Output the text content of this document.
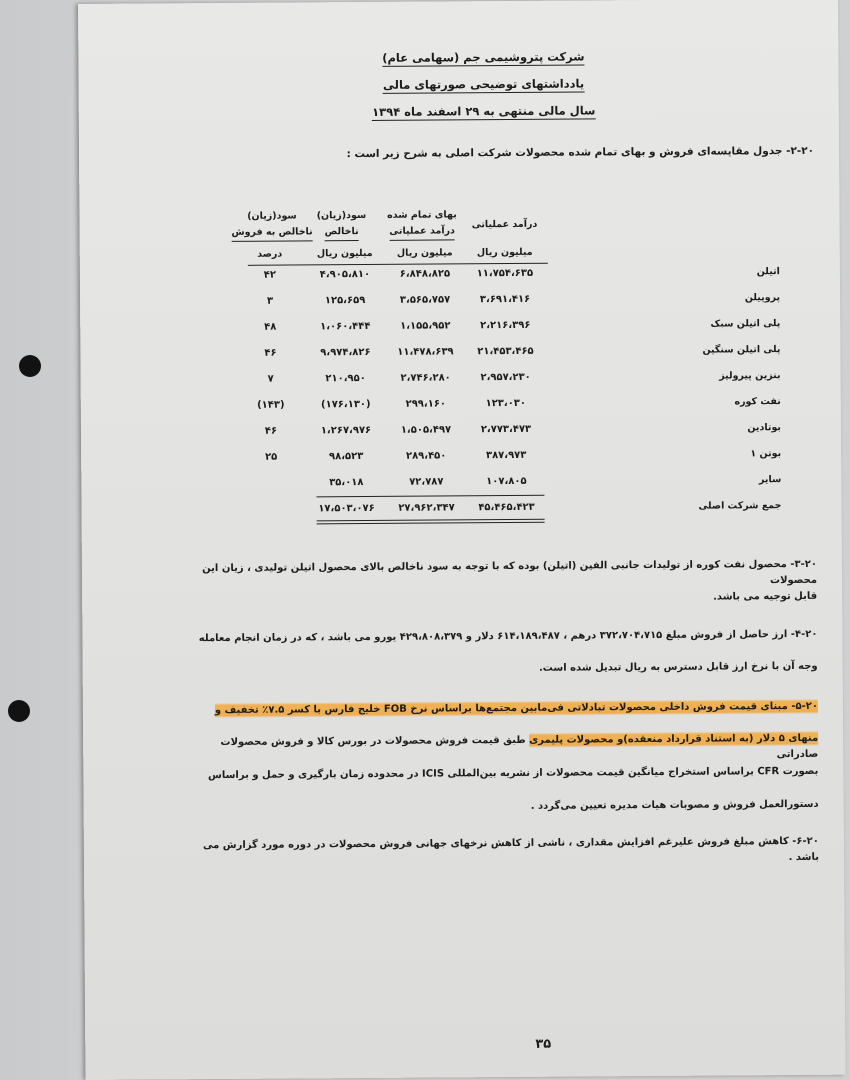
شرکت پتروشیمی جم (سهامی عام)
یادداشتهای توضیحی صورتهای مالی
سال مالی منتهی به ۲۹ اسفند ماه ۱۳۹۴
۲-۲۰- جدول مقایسه‌ای فروش و بهای تمام شده محصولات شرکت اصلی به شرح زیر است :
درآمد عملیاتی
بهای تمام شده
درآمد عملیاتی
سود(زیان)
ناخالص
سود(زیان)
ناخالص به فروش
میلیون ریال
میلیون ریال
میلیون ریال
درصد
اتیلن
۱۱،۷۵۴،۶۳۵
۶،۸۴۸،۸۲۵
۴،۹۰۵،۸۱۰
۴۲
پروپیلن
۳،۶۹۱،۴۱۶
۳،۵۶۵،۷۵۷
۱۲۵،۶۵۹
۳
پلی اتیلن سبک
۲،۲۱۶،۳۹۶
۱،۱۵۵،۹۵۲
۱،۰۶۰،۴۴۴
۴۸
پلی اتیلن سنگین
۲۱،۴۵۳،۴۶۵
۱۱،۴۷۸،۶۳۹
۹،۹۷۴،۸۲۶
۴۶
بنزین پیرولیز
۲،۹۵۷،۲۳۰
۲،۷۴۶،۲۸۰
۲۱۰،۹۵۰
۷
نفت کوره
۱۲۳،۰۳۰
۲۹۹،۱۶۰
(۱۷۶،۱۳۰)
(۱۴۳)
بوتادین
۲،۷۷۳،۴۷۳
۱،۵۰۵،۴۹۷
۱،۲۶۷،۹۷۶
۴۶
بوتن ۱
۳۸۷،۹۷۳
۲۸۹،۴۵۰
۹۸،۵۲۳
۲۵
سایر
۱۰۷،۸۰۵
۷۲،۷۸۷
۳۵،۰۱۸
جمع شرکت اصلی
۴۵،۴۶۵،۴۲۳
۲۷،۹۶۲،۳۴۷
۱۷،۵۰۳،۰۷۶
۳-۲۰- محصول نفت کوره از تولیدات جانبی الفین (اتیلن) بوده که با توجه به سود ناخالص بالای محصول اتیلن تولیدی ، زیان این محصولات
قابل توجیه می باشد.
۴-۲۰- ارز حاصل از فروش مبلغ ۳۷۲،۷۰۴،۷۱۵ درهم ، ۶۱۴،۱۸۹،۴۸۷ دلار و ۴۲۹،۸۰۸،۳۷۹ یورو می باشد ، که در زمان انجام معامله
وجه آن با نرخ ارز قابل دسترس به ریال تبدیل شده است.
۵-۲۰- مبنای قیمت فروش داخلی محصولات تبادلاتی فی‌مابین مجتمع‌ها براساس نرخ FOB خلیج فارس با کسر ۷.۵٪ تخفیف و
منهای ۵ دلار (به استناد قرارداد منعقده)و محصولات پلیمری طبق قیمت فروش محصولات در بورس کالا و فروش محصولات صادراتی
بصورت CFR براساس استخراج میانگین قیمت محصولات از نشریه بین‌المللی ICIS در محدوده زمان بارگیری و حمل و براساس
دستورالعمل فروش و مصوبات هیات مدیره تعیین می‌گردد .
۶-۲۰- کاهش مبلغ فروش علیرغم افزایش مقداری ، ناشی از کاهش نرخهای جهانی فروش محصولات در دوره مورد گزارش می باشد .
۳۵
